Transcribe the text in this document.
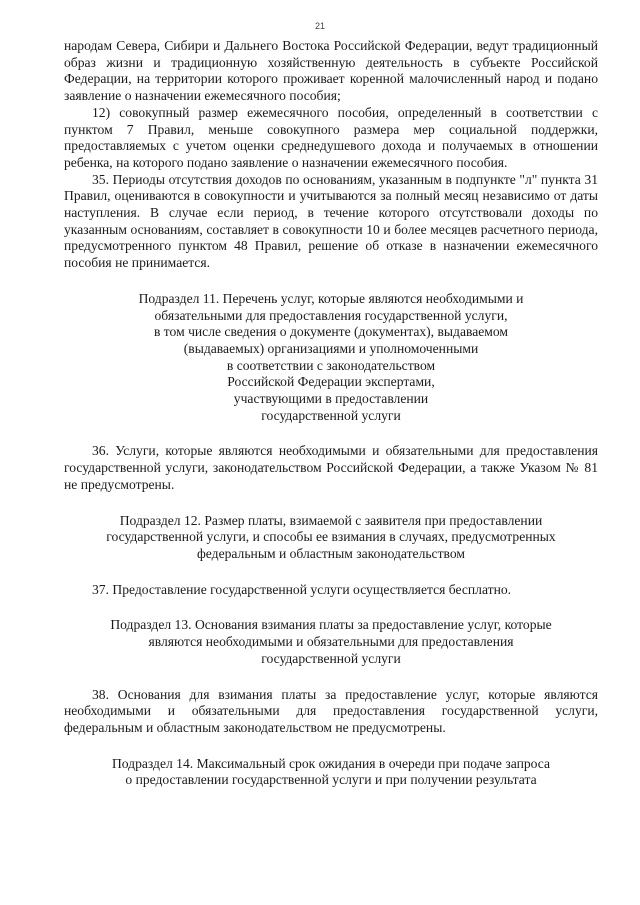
21

народам Севера, Сибири и Дальнего Востока Российской Федерации, ведут традиционный образ жизни и традиционную хозяйственную деятельность в субъекте Российской Федерации, на территории которого проживает коренной малочисленный народ и подано заявление о назначении ежемесячного пособия;

12) совокупный размер ежемесячного пособия, определенный в соответствии с пунктом 7 Правил, меньше совокупного размера мер социальной поддержки, предоставляемых с учетом оценки среднедушевого дохода и получаемых в отношении ребенка, на которого подано заявление о назначении ежемесячного пособия.

35. Периоды отсутствия доходов по основаниям, указанным в подпункте "л" пункта 31 Правил, оцениваются в совокупности и учитываются за полный месяц независимо от даты наступления. В случае если период, в течение которого отсутствовали доходы по указанным основаниям, составляет в совокупности 10 и более месяцев расчетного периода, предусмотренного пунктом 48 Правил, решение об отказе в назначении ежемесячного пособия не принимается.

Подраздел 11. Перечень услуг, которые являются необходимыми и
обязательными для предоставления государственной услуги,
в том числе сведения о документе (документах), выдаваемом
(выдаваемых) организациями и уполномоченными
в соответствии с законодательством
Российской Федерации экспертами,
участвующими в предоставлении
государственной услуги

36. Услуги, которые являются необходимыми и обязательными для предоставления государственной услуги, законодательством Российской Федерации, а также Указом № 81 не предусмотрены.

Подраздел 12. Размер платы, взимаемой с заявителя при предоставлении
государственной услуги, и способы ее взимания в случаях, предусмотренных
федеральным и областным законодательством

37. Предоставление государственной услуги осуществляется бесплатно.

Подраздел 13. Основания взимания платы за предоставление услуг, которые
являются необходимыми и обязательными для предоставления
государственной услуги

38. Основания для взимания платы за предоставление услуг, которые являются необходимыми и обязательными для предоставления государственной услуги, федеральным и областным законодательством не предусмотрены.

Подраздел 14. Максимальный срок ожидания в очереди при подаче запроса
о предоставлении государственной услуги и при получении результата
